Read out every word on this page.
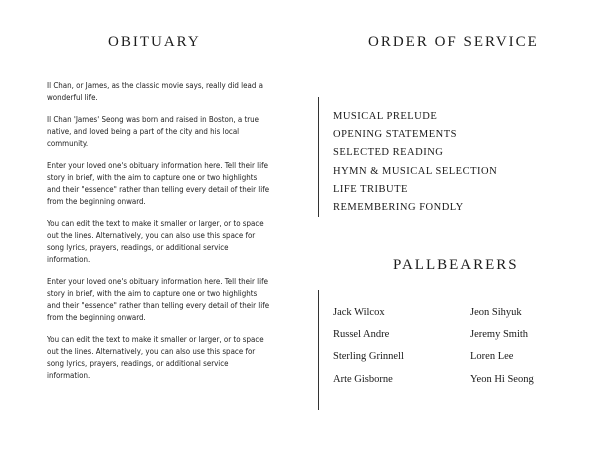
OBITUARY

Il Chan, or James, as the classic movie says, really did lead a wonderful life.

Il Chan 'James' Seong was born and raised in Boston, a true native, and loved being a part of the city and his local community.

Enter your loved one's obituary information here. Tell their life story in brief, with the aim to capture one or two highlights and their "essence" rather than telling every detail of their life from the beginning onward.

You can edit the text to make it smaller or larger, or to space out the lines. Alternatively, you can also use this space for song lyrics, prayers, readings, or additional service information.

Enter your loved one's obituary information here. Tell their life story in brief, with the aim to capture one or two highlights and their "essence" rather than telling every detail of their life from the beginning onward.

You can edit the text to make it smaller or larger, or to space out the lines. Alternatively, you can also use this space for song lyrics, prayers, readings, or additional service information.

ORDER OF SERVICE
MUSICAL PRELUDE
OPENING STATEMENTS
SELECTED READING
HYMN & MUSICAL SELECTION
LIFE TRIBUTE
REMEMBERING FONDLY
PALLBEARERS
Jack Wilcox
Russel Andre
Sterling Grinnell
Arte Gisborne
Jeon Sihyuk
Jeremy Smith
Loren Lee
Yeon Hi Seong
